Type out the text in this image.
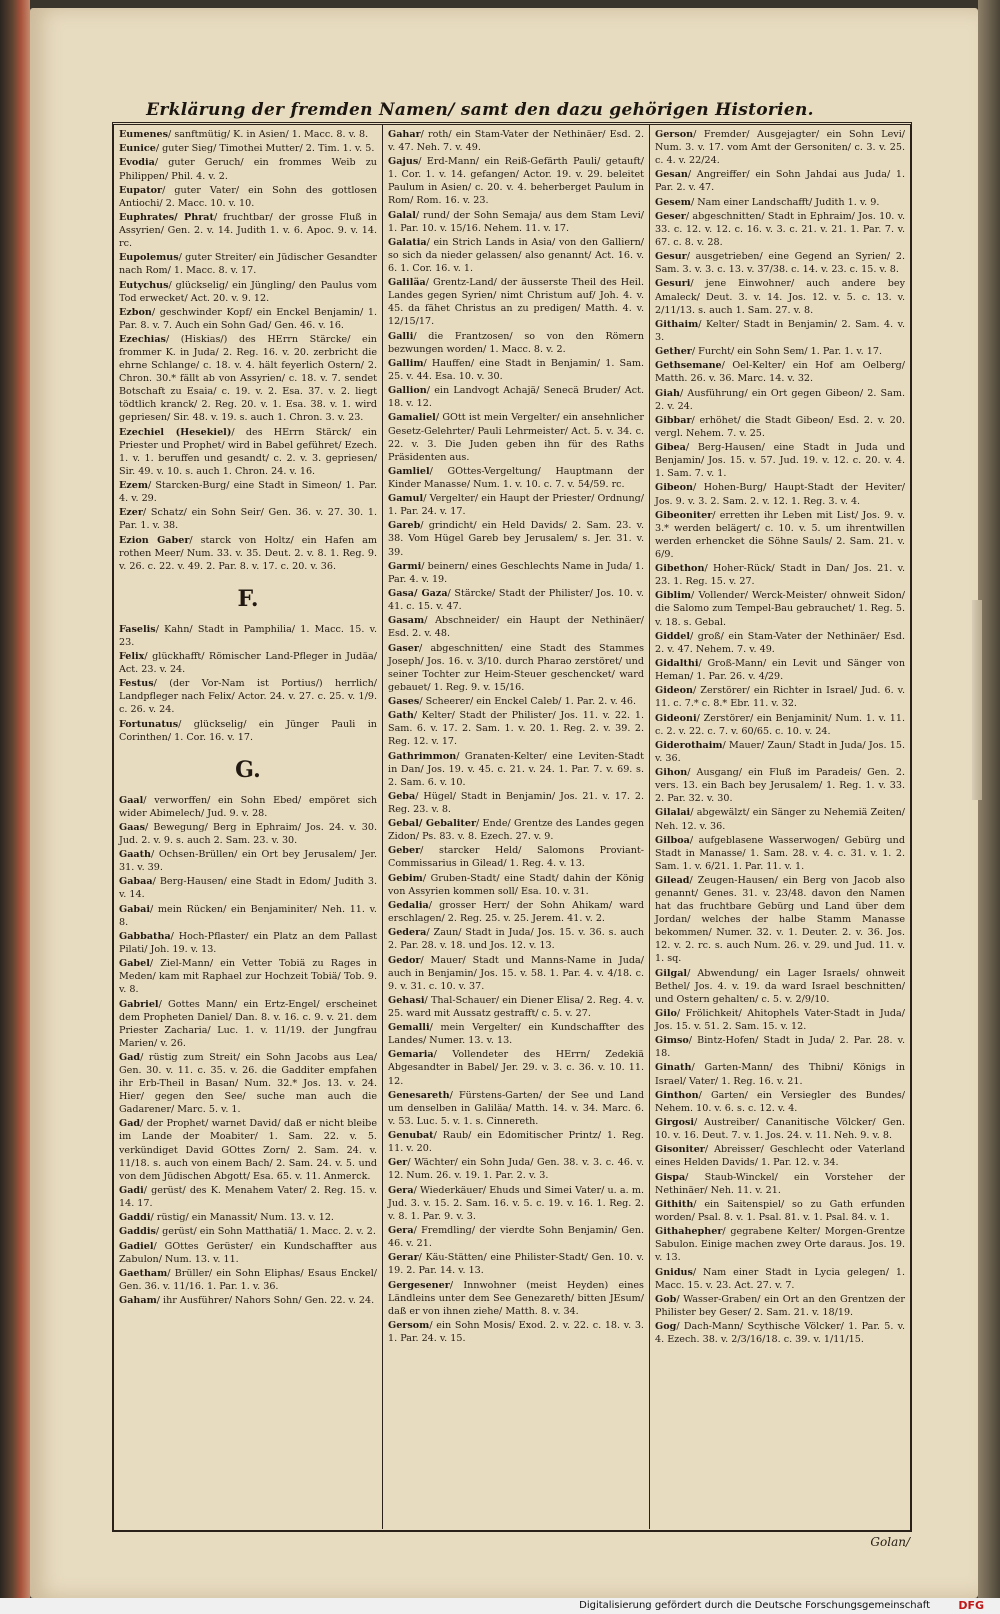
Erklärung der fremden Namen/ samt den dazu gehörigen Historien.
Eumenes/ sanftmütig/ K. in Asien/ 1. Macc. 8. v. 8.
Eunice/ guter Sieg/ Timothei Mutter/ 2. Tim. 1. v. 5.
Evodia/ guter Geruch/ ein frommes Weib zu Philippen/ Phil. 4. v. 2.
Eupator/ guter Vater/ ein Sohn des gottlosen Antiochi/ 2. Macc. 10. v. 10.
Euphrates/ Phrat/ fruchtbar/ der grosse Fluß in Assyrien/ Gen. 2. v. 14. Judith 1. v. 6. Apoc. 9. v. 14. rc.
Eupolemus/ guter Streiter/ ein Jüdischer Gesandter nach Rom/ 1. Macc. 8. v. 17.
Eutychus/ glückselig/ ein Jüngling/ den Paulus vom Tod erwecket/ Act. 20. v. 9. 12.
Ezbon/ geschwinder Kopf/ ein Enckel Benjamin/ 1. Par. 8. v. 7. Auch ein Sohn Gad/ Gen. 46. v. 16.
Ezechias/ (Hiskias/) des HErrn Stärcke/ ein frommer K. in Juda/ 2. Reg. 16. v. 20. zerbricht die ehrne Schlange/ c. 18. v. 4. hält feyerlich Ostern/ 2. Chron. 30.* fällt ab von Assyrien/ c. 18. v. 7. sendet Botschaft zu Esaia/ c. 19. v. 2. Esa. 37. v. 2. liegt tödtlich kranck/ 2. Reg. 20. v. 1. Esa. 38. v. 1. wird gepriesen/ Sir. 48. v. 19. s. auch 1. Chron. 3. v. 23.
Ezechiel (Hesekiel)/ des HErrn Stärck/ ein Priester und Prophet/ wird in Babel geführet/ Ezech. 1. v. 1. beruffen und gesandt/ c. 2. v. 3. gepriesen/ Sir. 49. v. 10. s. auch 1. Chron. 24. v. 16.
Ezem/ Starcken-Burg/ eine Stadt in Simeon/ 1. Par. 4. v. 29.
Ezer/ Schatz/ ein Sohn Seir/ Gen. 36. v. 27. 30. 1. Par. 1. v. 38.
Ezion Gaber/ starck von Holtz/ ein Hafen am rothen Meer/ Num. 33. v. 35. Deut. 2. v. 8. 1. Reg. 9. v. 26. c. 22. v. 49. 2. Par. 8. v. 17. c. 20. v. 36.
F.
Faselis/ Kahn/ Stadt in Pamphilia/ 1. Macc. 15. v. 23.
Felix/ glückhafft/ Römischer Land-Pfleger in Judäa/ Act. 23. v. 24.
Festus/ (der Vor-Nam ist Portius/) herrlich/ Landpfleger nach Felix/ Actor. 24. v. 27. c. 25. v. 1/9. c. 26. v. 24.
Fortunatus/ glückselig/ ein Jünger Pauli in Corinthen/ 1. Cor. 16. v. 17.
G.
Gaal/ verworffen/ ein Sohn Ebed/ empöret sich wider Abimelech/ Jud. 9. v. 28.
Gaas/ Bewegung/ Berg in Ephraim/ Jos. 24. v. 30. Jud. 2. v. 9. s. auch 2. Sam. 23. v. 30.
Gaath/ Ochsen-Brüllen/ ein Ort bey Jerusalem/ Jer. 31. v. 39.
Gabaa/ Berg-Hausen/ eine Stadt in Edom/ Judith 3. v. 14.
Gabai/ mein Rücken/ ein Benjaminiter/ Neh. 11. v. 8.
Gabbatha/ Hoch-Pflaster/ ein Platz an dem Pallast Pilati/ Joh. 19. v. 13.
Gabel/ Ziel-Mann/ ein Vetter Tobiä zu Rages in Meden/ kam mit Raphael zur Hochzeit Tobiä/ Tob. 9. v. 8.
Gabriel/ Gottes Mann/ ein Ertz-Engel/ erscheinet dem Propheten Daniel/ Dan. 8. v. 16. c. 9. v. 21. dem Priester Zacharia/ Luc. 1. v. 11/19. der Jungfrau Marien/ v. 26.
Gad/ rüstig zum Streit/ ein Sohn Jacobs aus Lea/ Gen. 30. v. 11. c. 35. v. 26. die Gadditer empfahen ihr Erb-Theil in Basan/ Num. 32.* Jos. 13. v. 24. Hier/ gegen den See/ suche man auch die Gadarener/ Marc. 5. v. 1.
Gad/ der Prophet/ warnet David/ daß er nicht bleibe im Lande der Moabiter/ 1. Sam. 22. v. 5. verkündiget David GOttes Zorn/ 2. Sam. 24. v. 11/18. s. auch von einem Bach/ 2. Sam. 24. v. 5. und von dem Jüdischen Abgott/ Esa. 65. v. 11. Anmerck.
Gadi/ gerüst/ des K. Menahem Vater/ 2. Reg. 15. v. 14. 17.
Gaddi/ rüstig/ ein Manassit/ Num. 13. v. 12.
Gaddis/ gerüst/ ein Sohn Matthatiä/ 1. Macc. 2. v. 2.
Gadiel/ GOttes Gerüster/ ein Kundschaffter aus Zabulon/ Num. 13. v. 11.
Gaetham/ Brüller/ ein Sohn Eliphas/ Esaus Enckel/ Gen. 36. v. 11/16. 1. Par. 1. v. 36.
Gaham/ ihr Ausführer/ Nahors Sohn/ Gen. 22. v. 24.
Gahar/ roth/ ein Stam-Vater der Nethinäer/ Esd. 2. v. 47. Neh. 7. v. 49.
Gajus/ Erd-Mann/ ein Reiß-Gefärth Pauli/ getauft/ 1. Cor. 1. v. 14. gefangen/ Actor. 19. v. 29. beleitet Paulum in Asien/ c. 20. v. 4. beherberget Paulum in Rom/ Rom. 16. v. 23.
Galal/ rund/ der Sohn Semaja/ aus dem Stam Levi/ 1. Par. 10. v. 15/16. Nehem. 11. v. 17.
Galatia/ ein Strich Lands in Asia/ von den Galliern/ so sich da nieder gelassen/ also genannt/ Act. 16. v. 6. 1. Cor. 16. v. 1.
Galiläa/ Grentz-Land/ der äusserste Theil des Heil. Landes gegen Syrien/ nimt Christum auf/ Joh. 4. v. 45. da fähet Christus an zu predigen/ Matth. 4. v. 12/15/17.
Galli/ die Frantzosen/ so von den Römern bezwungen worden/ 1. Macc. 8. v. 2.
Gallim/ Hauffen/ eine Stadt in Benjamin/ 1. Sam. 25. v. 44. Esa. 10. v. 30.
Gallion/ ein Landvogt Achajä/ Senecä Bruder/ Act. 18. v. 12.
Gamaliel/ GOtt ist mein Vergelter/ ein ansehnlicher Gesetz-Gelehrter/ Pauli Lehrmeister/ Act. 5. v. 34. c. 22. v. 3. Die Juden geben ihn für des Raths Präsidenten aus.
Gamliel/ GOttes-Vergeltung/ Hauptmann der Kinder Manasse/ Num. 1. v. 10. c. 7. v. 54/59. rc.
Gamul/ Vergelter/ ein Haupt der Priester/ Ordnung/ 1. Par. 24. v. 17.
Gareb/ grindicht/ ein Held Davids/ 2. Sam. 23. v. 38. Vom Hügel Gareb bey Jerusalem/ s. Jer. 31. v. 39.
Garmi/ beinern/ eines Geschlechts Name in Juda/ 1. Par. 4. v. 19.
Gasa/ Gaza/ Stärcke/ Stadt der Philister/ Jos. 10. v. 41. c. 15. v. 47.
Gasam/ Abschneider/ ein Haupt der Nethinäer/ Esd. 2. v. 48.
Gaser/ abgeschnitten/ eine Stadt des Stammes Joseph/ Jos. 16. v. 3/10. durch Pharao zerstöret/ und seiner Tochter zur Heim-Steuer geschencket/ ward gebauet/ 1. Reg. 9. v. 15/16.
Gases/ Scheerer/ ein Enckel Caleb/ 1. Par. 2. v. 46.
Gath/ Kelter/ Stadt der Philister/ Jos. 11. v. 22. 1. Sam. 6. v. 17. 2. Sam. 1. v. 20. 1. Reg. 2. v. 39. 2. Reg. 12. v. 17.
Gathrimmon/ Granaten-Kelter/ eine Leviten-Stadt in Dan/ Jos. 19. v. 45. c. 21. v. 24. 1. Par. 7. v. 69. s. 2. Sam. 6. v. 10.
Geba/ Hügel/ Stadt in Benjamin/ Jos. 21. v. 17. 2. Reg. 23. v. 8.
Gebal/ Gebaliter/ Ende/ Grentze des Landes gegen Zidon/ Ps. 83. v. 8. Ezech. 27. v. 9.
Geber/ starcker Held/ Salomons Proviant-Commissarius in Gilead/ 1. Reg. 4. v. 13.
Gebim/ Gruben-Stadt/ eine Stadt/ dahin der König von Assyrien kommen soll/ Esa. 10. v. 31.
Gedalia/ grosser Herr/ der Sohn Ahikam/ ward erschlagen/ 2. Reg. 25. v. 25. Jerem. 41. v. 2.
Gedera/ Zaun/ Stadt in Juda/ Jos. 15. v. 36. s. auch 2. Par. 28. v. 18. und Jos. 12. v. 13.
Gedor/ Mauer/ Stadt und Manns-Name in Juda/ auch in Benjamin/ Jos. 15. v. 58. 1. Par. 4. v. 4/18. c. 9. v. 31. c. 10. v. 37.
Gehasi/ Thal-Schauer/ ein Diener Elisa/ 2. Reg. 4. v. 25. ward mit Aussatz gestrafft/ c. 5. v. 27.
Gemalli/ mein Vergelter/ ein Kundschaffter des Landes/ Numer. 13. v. 13.
Gemaria/ Vollendeter des HErrn/ Zedekiä Abgesandter in Babel/ Jer. 29. v. 3. c. 36. v. 10. 11. 12.
Genesareth/ Fürstens-Garten/ der See und Land um denselben in Galiläa/ Matth. 14. v. 34. Marc. 6. v. 53. Luc. 5. v. 1. s. Cinnereth.
Genubat/ Raub/ ein Edomitischer Printz/ 1. Reg. 11. v. 20.
Ger/ Wächter/ ein Sohn Juda/ Gen. 38. v. 3. c. 46. v. 12. Num. 26. v. 19. 1. Par. 2. v. 3.
Gera/ Wiederkäuer/ Ehuds und Simei Vater/ u. a. m. Jud. 3. v. 15. 2. Sam. 16. v. 5. c. 19. v. 16. 1. Reg. 2. v. 8. 1. Par. 9. v. 3.
Gera/ Fremdling/ der vierdte Sohn Benjamin/ Gen. 46. v. 21.
Gerar/ Käu-Stätten/ eine Philister-Stadt/ Gen. 10. v. 19. 2. Par. 14. v. 13.
Gergesener/ Innwohner (meist Heyden) eines Ländleins unter dem See Genezareth/ bitten JEsum/ daß er von ihnen ziehe/ Matth. 8. v. 34.
Gersom/ ein Sohn Mosis/ Exod. 2. v. 22. c. 18. v. 3. 1. Par. 24. v. 15.
Gerson/ Fremder/ Ausgejagter/ ein Sohn Levi/ Num. 3. v. 17. vom Amt der Gersoniten/ c. 3. v. 25. c. 4. v. 22/24.
Gesan/ Angreiffer/ ein Sohn Jahdai aus Juda/ 1. Par. 2. v. 47.
Gesem/ Nam einer Landschafft/ Judith 1. v. 9.
Geser/ abgeschnitten/ Stadt in Ephraim/ Jos. 10. v. 33. c. 12. v. 12. c. 16. v. 3. c. 21. v. 21. 1. Par. 7. v. 67. c. 8. v. 28.
Gesur/ ausgetrieben/ eine Gegend an Syrien/ 2. Sam. 3. v. 3. c. 13. v. 37/38. c. 14. v. 23. c. 15. v. 8.
Gesuri/ jene Einwohner/ auch andere bey Amaleck/ Deut. 3. v. 14. Jos. 12. v. 5. c. 13. v. 2/11/13. s. auch 1. Sam. 27. v. 8.
Githaim/ Kelter/ Stadt in Benjamin/ 2. Sam. 4. v. 3.
Gether/ Furcht/ ein Sohn Sem/ 1. Par. 1. v. 17.
Gethsemane/ Oel-Kelter/ ein Hof am Oelberg/ Matth. 26. v. 36. Marc. 14. v. 32.
Giah/ Ausführung/ ein Ort gegen Gibeon/ 2. Sam. 2. v. 24.
Gibbar/ erhöhet/ die Stadt Gibeon/ Esd. 2. v. 20. vergl. Nehem. 7. v. 25.
Gibea/ Berg-Hausen/ eine Stadt in Juda und Benjamin/ Jos. 15. v. 57. Jud. 19. v. 12. c. 20. v. 4. 1. Sam. 7. v. 1.
Gibeon/ Hohen-Burg/ Haupt-Stadt der Heviter/ Jos. 9. v. 3. 2. Sam. 2. v. 12. 1. Reg. 3. v. 4.
Gibeoniter/ erretten ihr Leben mit List/ Jos. 9. v. 3.* werden belägert/ c. 10. v. 5. um ihrentwillen werden erhencket die Söhne Sauls/ 2. Sam. 21. v. 6/9.
Gibethon/ Hoher-Rück/ Stadt in Dan/ Jos. 21. v. 23. 1. Reg. 15. v. 27.
Giblim/ Vollender/ Werck-Meister/ ohnweit Sidon/ die Salomo zum Tempel-Bau gebrauchet/ 1. Reg. 5. v. 18. s. Gebal.
Giddel/ groß/ ein Stam-Vater der Nethinäer/ Esd. 2. v. 47. Nehem. 7. v. 49.
Gidalthi/ Groß-Mann/ ein Levit und Sänger von Heman/ 1. Par. 26. v. 4/29.
Gideon/ Zerstörer/ ein Richter in Israel/ Jud. 6. v. 11. c. 7.* c. 8.* Ebr. 11. v. 32.
Gideoni/ Zerstörer/ ein Benjaminit/ Num. 1. v. 11. c. 2. v. 22. c. 7. v. 60/65. c. 10. v. 24.
Giderothaim/ Mauer/ Zaun/ Stadt in Juda/ Jos. 15. v. 36.
Gihon/ Ausgang/ ein Fluß im Paradeis/ Gen. 2. vers. 13. ein Bach bey Jerusalem/ 1. Reg. 1. v. 33. 2. Par. 32. v. 30.
Gilalai/ abgewälzt/ ein Sänger zu Nehemiä Zeiten/ Neh. 12. v. 36.
Gilboa/ aufgeblasene Wasserwogen/ Gebürg und Stadt in Manasse/ 1. Sam. 28. v. 4. c. 31. v. 1. 2. Sam. 1. v. 6/21. 1. Par. 11. v. 1.
Gilead/ Zeugen-Hausen/ ein Berg von Jacob also genannt/ Genes. 31. v. 23/48. davon den Namen hat das fruchtbare Gebürg und Land über dem Jordan/ welches der halbe Stamm Manasse bekommen/ Numer. 32. v. 1. Deuter. 2. v. 36. Jos. 12. v. 2. rc. s. auch Num. 26. v. 29. und Jud. 11. v. 1. sq.
Gilgal/ Abwendung/ ein Lager Israels/ ohnweit Bethel/ Jos. 4. v. 19. da ward Israel beschnitten/ und Ostern gehalten/ c. 5. v. 2/9/10.
Gilo/ Frölichkeit/ Ahitophels Vater-Stadt in Juda/ Jos. 15. v. 51. 2. Sam. 15. v. 12.
Gimso/ Bintz-Hofen/ Stadt in Juda/ 2. Par. 28. v. 18.
Ginath/ Garten-Mann/ des Thibni/ Königs in Israel/ Vater/ 1. Reg. 16. v. 21.
Ginthon/ Garten/ ein Versiegler des Bundes/ Nehem. 10. v. 6. s. c. 12. v. 4.
Girgosi/ Austreiber/ Cananitische Völcker/ Gen. 10. v. 16. Deut. 7. v. 1. Jos. 24. v. 11. Neh. 9. v. 8.
Gisoniter/ Abreisser/ Geschlecht oder Vaterland eines Helden Davids/ 1. Par. 12. v. 34.
Gispa/ Staub-Winckel/ ein Vorsteher der Nethinäer/ Neh. 11. v. 21.
Githith/ ein Saitenspiel/ so zu Gath erfunden worden/ Psal. 8. v. 1. Psal. 81. v. 1. Psal. 84. v. 1.
Githahepher/ gegrabene Kelter/ Morgen-Grentze Sabulon. Einige machen zwey Orte daraus. Jos. 19. v. 13.
Gnidus/ Nam einer Stadt in Lycia gelegen/ 1. Macc. 15. v. 23. Act. 27. v. 7.
Gob/ Wasser-Graben/ ein Ort an den Grentzen der Philister bey Geser/ 2. Sam. 21. v. 18/19.
Gog/ Dach-Mann/ Scythische Völcker/ 1. Par. 5. v. 4. Ezech. 38. v. 2/3/16/18. c. 39. v. 1/11/15.
Golan/
Digitalisierung gefördert durch die Deutsche Forschungsgemeinschaft	DFG
